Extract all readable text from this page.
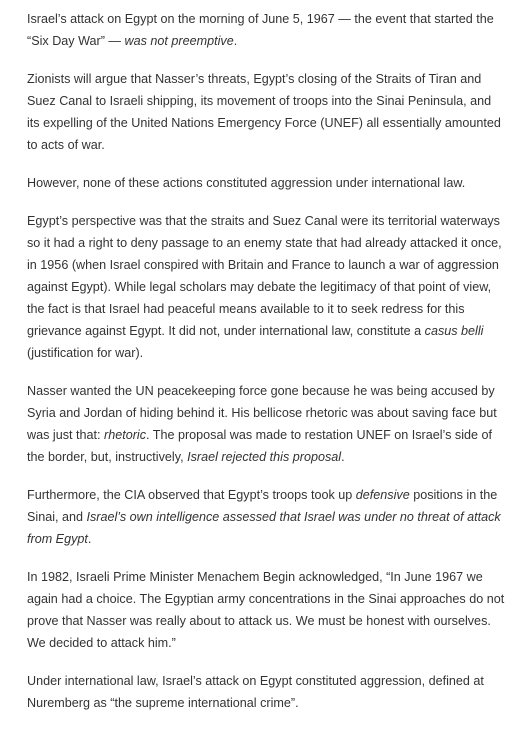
Israel’s attack on Egypt on the morning of June 5, 1967 — the event that started the “Six Day War” — was not preemptive.

Zionists will argue that Nasser’s threats, Egypt’s closing of the Straits of Tiran and Suez Canal to Israeli shipping, its movement of troops into the Sinai Peninsula, and its expelling of the United Nations Emergency Force (UNEF) all essentially amounted to acts of war.

However, none of these actions constituted aggression under international law.

Egypt’s perspective was that the straits and Suez Canal were its territorial waterways so it had a right to deny passage to an enemy state that had already attacked it once, in 1956 (when Israel conspired with Britain and France to launch a war of aggression against Egypt). While legal scholars may debate the legitimacy of that point of view, the fact is that Israel had peaceful means available to it to seek redress for this grievance against Egypt. It did not, under international law, constitute a casus belli (justification for war).

Nasser wanted the UN peacekeeping force gone because he was being accused by Syria and Jordan of hiding behind it. His bellicose rhetoric was about saving face but was just that: rhetoric. The proposal was made to restation UNEF on Israel’s side of the border, but, instructively, Israel rejected this proposal.

Furthermore, the CIA observed that Egypt’s troops took up defensive positions in the Sinai, and Israel’s own intelligence assessed that Israel was under no threat of attack from Egypt.

In 1982, Israeli Prime Minister Menachem Begin acknowledged, “In June 1967 we again had a choice. The Egyptian army concentrations in the Sinai approaches do not prove that Nasser was really about to attack us. We must be honest with ourselves. We decided to attack him.”

Under international law, Israel’s attack on Egypt constituted aggression, defined at Nuremberg as “the supreme international crime”.
